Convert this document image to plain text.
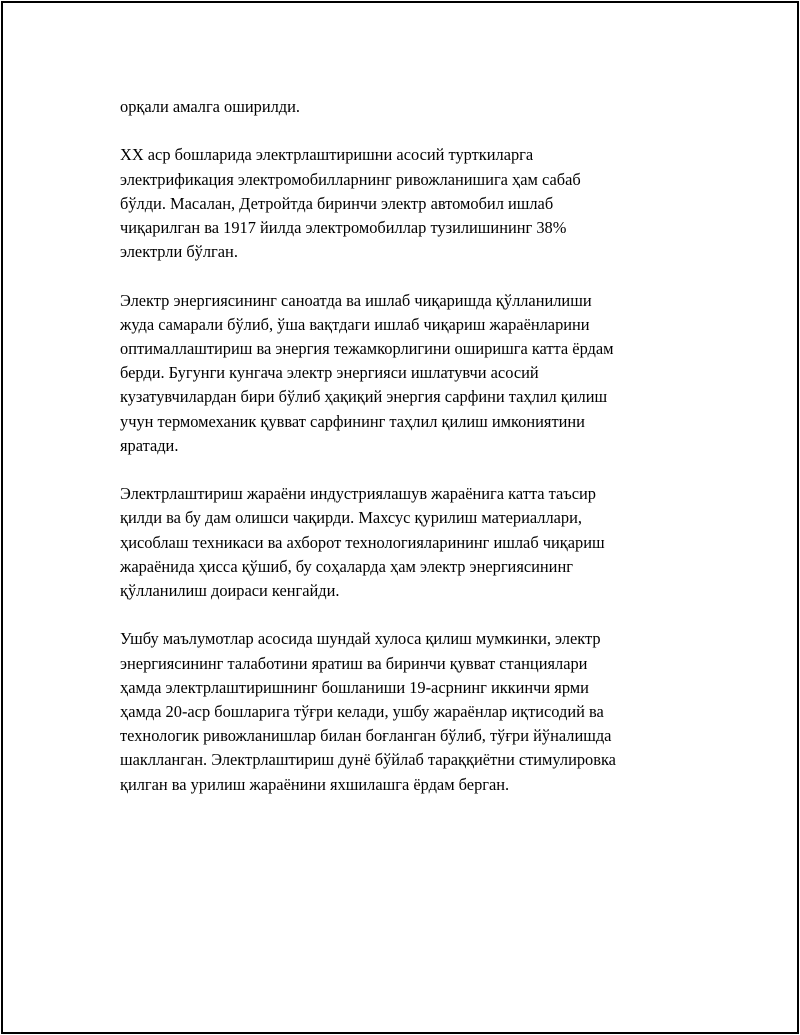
орқали амалга оширилди.

XX аср бошларида электрлаштиришни асосий турткиларга
электрификация электромобилларнинг ривожланишига ҳам сабаб
бўлди. Масалан, Детройтда биринчи электр автомобил ишлаб
чиқарилган ва 1917 йилда электромобиллар тузилишининг 38%
электрли бўлган.

Электр энергиясининг саноатда ва ишлаб чиқаришда қўлланилиши
жуда самарали бўлиб, ўша вақтдаги ишлаб чиқариш жараёнларини
оптималлаштириш ва энергия тежамкорлигини оширишга катта ёрдам
берди. Бугунги кунгача электр энергияси ишлатувчи асосий
кузатувчилардан бири бўлиб ҳақиқий энергия сарфини таҳлил қилиш
учун термомеханик қувват сарфининг таҳлил қилиш имкониятини
яратади.

Электрлаштириш жараёни индустриялашув жараёнига катта таъсир
қилди ва бу дам олишси чақирди. Махсус қурилиш материаллари,
ҳисоблаш техникаси ва ахборот технологияларининг ишлаб чиқариш
жараёнида ҳисса қўшиб, бу соҳаларда ҳам электр энергиясининг
қўлланилиш доираси кенгайди.

Ушбу маълумотлар асосида шундай хулоса қилиш мумкинки, электр
энергиясининг талаботини яратиш ва биринчи қувват станциялари
ҳамда электрлаштиришнинг бошланиши 19-асрнинг иккинчи ярми
ҳамда 20-аср бошларига тўғри келади, ушбу жараёнлар иқтисодий ва
технологик ривожланишлар билан боғланган бўлиб, тўғри йўналишда
шаклланган. Электрлаштириш дунё бўйлаб тараққиётни стимулировка
қилган ва урилиш жараёнини яхшилашга ёрдам берган.
